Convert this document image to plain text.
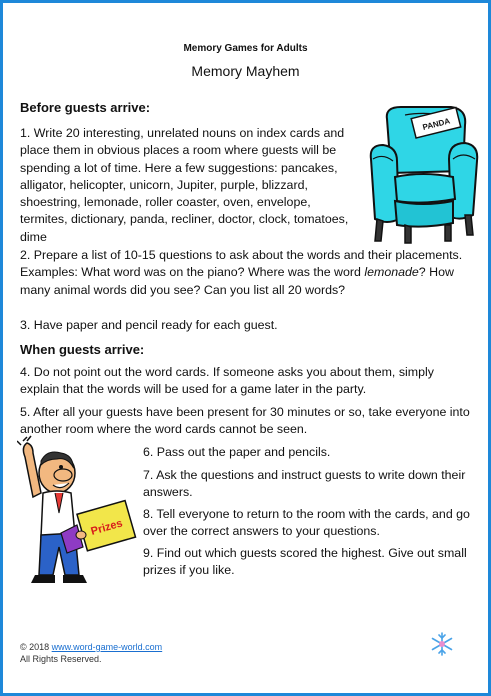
Memory Games for Adults
Memory Mayhem
Before guests arrive:

1. Write 20 interesting, unrelated nouns on index cards and place them in obvious places a room where guests will be spending a lot of time. Here a few suggestions: pancakes, alligator, helicopter, unicorn, Jupiter, purple, blizzard, shoestring, lemonade, roller coaster, oven, envelope, termites, dictionary, panda, recliner, doctor, clock, tomatoes, dime

PANDA

2. Prepare a list of 10-15 questions to ask about the words and their placements. Examples: What word was on the piano? Where was the word lemonade? How many animal words did you see? Can you list all 20 words?

3. Have paper and pencil ready for each guest.

When guests arrive:

4. Do not point out the word cards. If someone asks you about them, simply explain that the words will be used for a game later in the party.

5. After all your guests have been present for 30 minutes or so, take everyone into another room where the word cards cannot be seen.

Prizes

6. Pass out the paper and pencils.

7. Ask the questions and instruct guests to write down their answers.

8. Tell everyone to return to the room with the cards, and go over the correct answers to your questions.

9. Find out which guests scored the highest. Give out small prizes if you like.

© 2018 www.word-game-world.com
All Rights Reserved.
